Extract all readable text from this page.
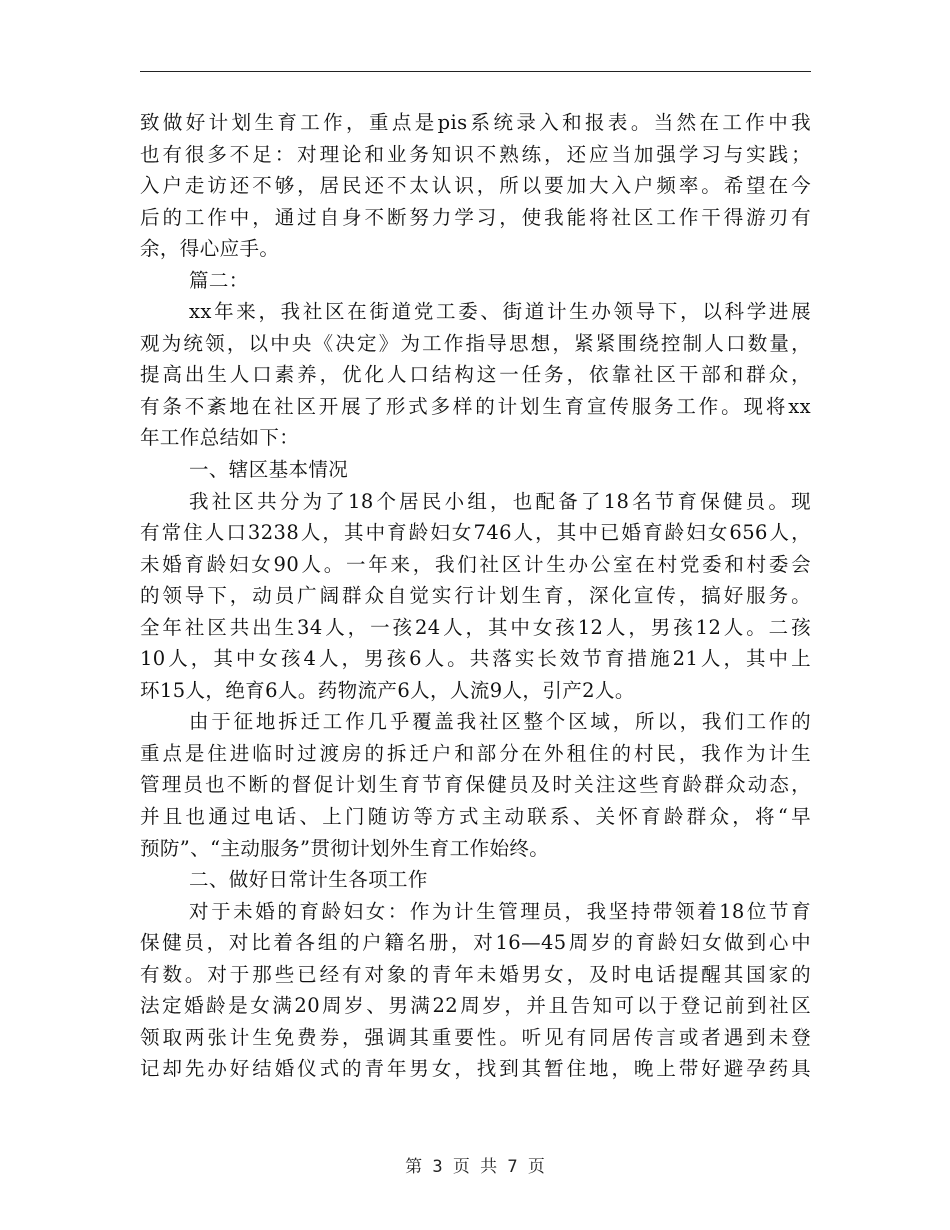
致做好计划生育工作，重点是pis系统录入和报表。当然在工作中我
也有很多不足：对理论和业务知识不熟练，还应当加强学习与实践；
入户走访还不够，居民还不太认识，所以要加大入户频率。希望在今
后的工作中，通过自身不断努力学习，使我能将社区工作干得游刃有
余，得心应手。
篇二：
xx年来，我社区在街道党工委、街道计生办领导下，以科学进展
观为统领，以中央《决定》为工作指导思想，紧紧围绕控制人口数量，
提高出生人口素养，优化人口结构这一任务，依靠社区干部和群众，
有条不紊地在社区开展了形式多样的计划生育宣传服务工作。现将xx
年工作总结如下：
一、辖区基本情况
我社区共分为了18个居民小组，也配备了18名节育保健员。现
有常住人口3238人，其中育龄妇女746人，其中已婚育龄妇女656人，
未婚育龄妇女90人。一年来，我们社区计生办公室在村党委和村委会
的领导下，动员广阔群众自觉实行计划生育，深化宣传，搞好服务。
全年社区共出生34人，一孩24人，其中女孩12人，男孩12人。二孩
10人，其中女孩4人，男孩6人。共落实长效节育措施21人，其中上
环15人，绝育6人。药物流产6人，人流9人，引产2人。
由于征地拆迁工作几乎覆盖我社区整个区域，所以，我们工作的
重点是住进临时过渡房的拆迁户和部分在外租住的村民，我作为计生
管理员也不断的督促计划生育节育保健员及时关注这些育龄群众动态，
并且也通过电话、上门随访等方式主动联系、关怀育龄群众，将“早
预防”、“主动服务”贯彻计划外生育工作始终。
二、做好日常计生各项工作
对于未婚的育龄妇女：作为计生管理员，我坚持带领着18位节育
保健员，对比着各组的户籍名册，对16—45周岁的育龄妇女做到心中
有数。对于那些已经有对象的青年未婚男女，及时电话提醒其国家的
法定婚龄是女满20周岁、男满22周岁，并且告知可以于登记前到社区
领取两张计生免费券，强调其重要性。听见有同居传言或者遇到未登
记却先办好结婚仪式的青年男女，找到其暂住地，晚上带好避孕药具
第 3 页 共 7 页
